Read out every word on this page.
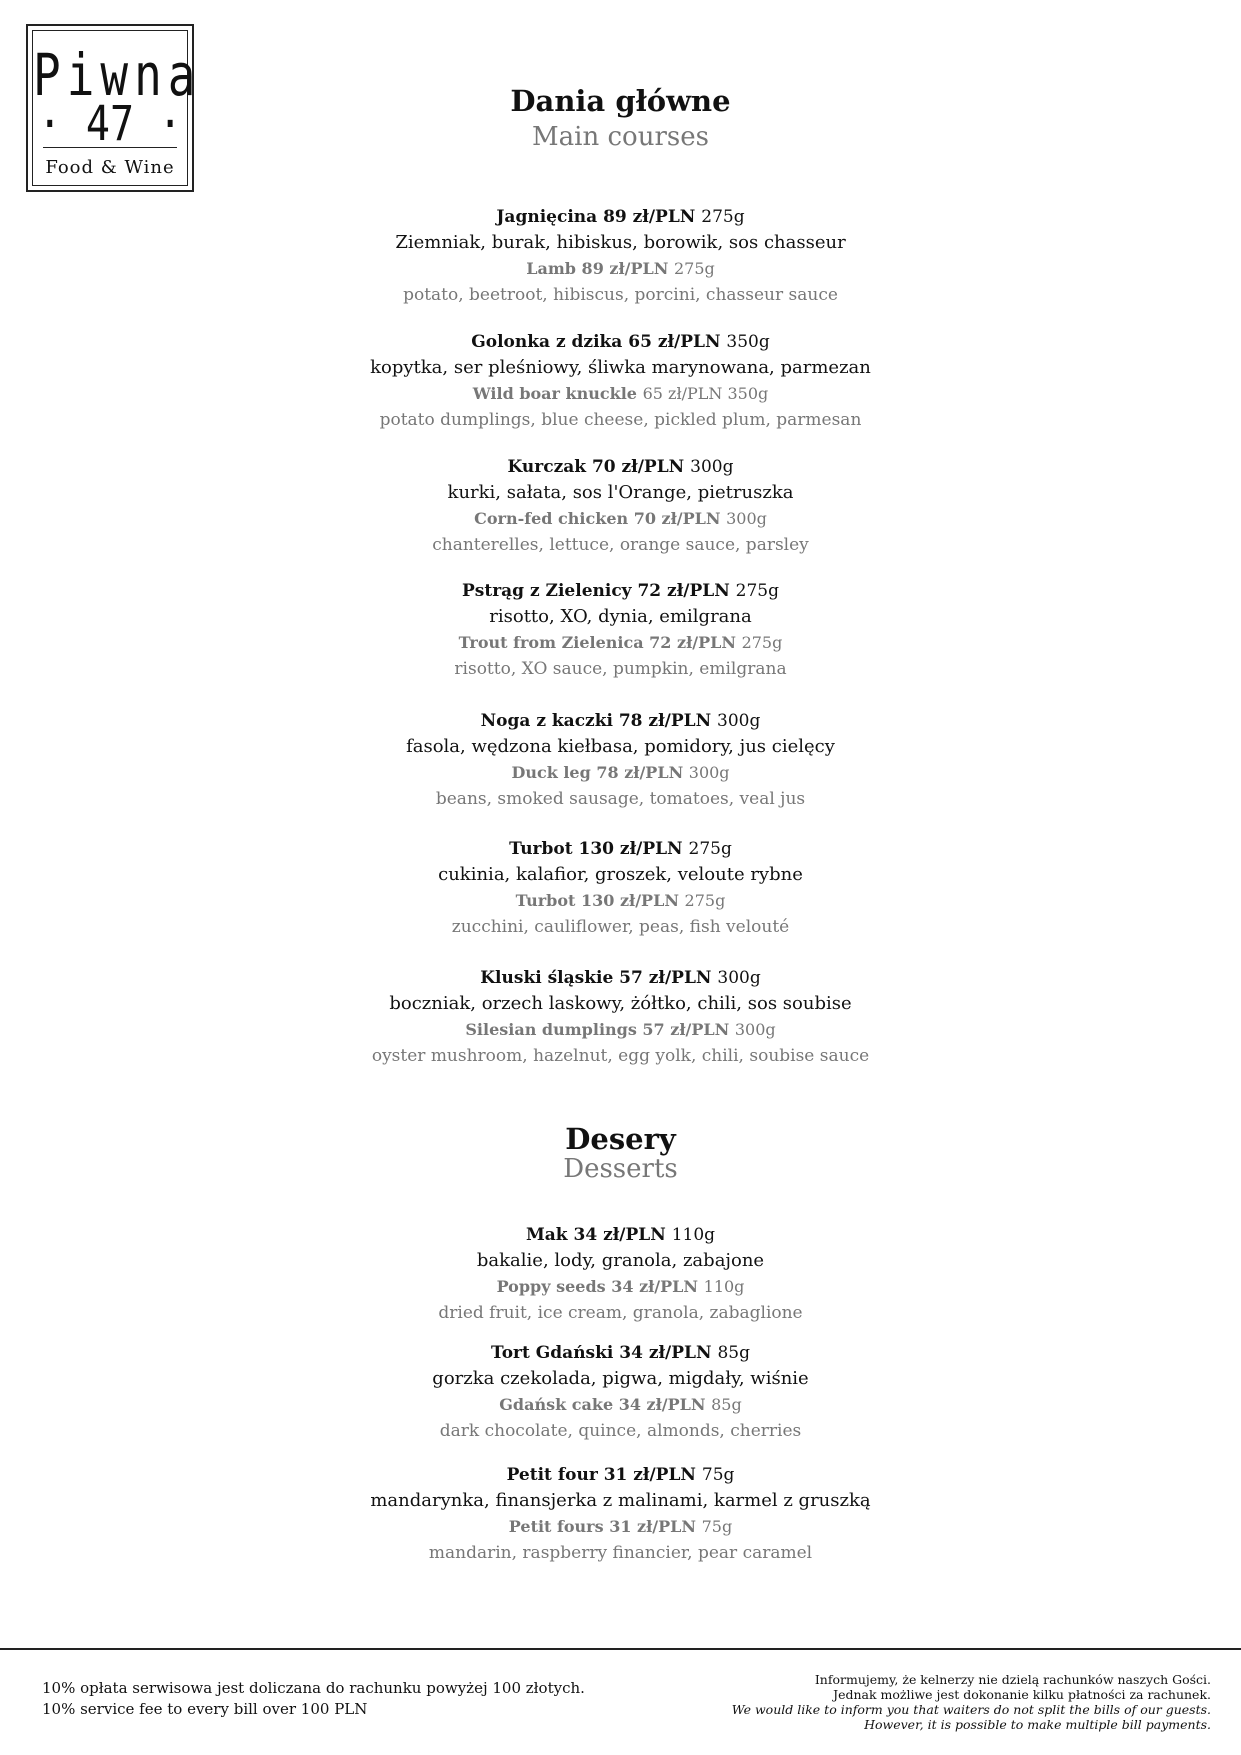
Piwna
· 47 ·
Food & Wine
Dania główne
Main courses
Jagnięcina 89 zł/PLN 275g
Ziemniak, burak, hibiskus, borowik, sos chasseur
Lamb 89 zł/PLN 275g
potato, beetroot, hibiscus, porcini, chasseur sauce
Golonka z dzika 65 zł/PLN 350g
kopytka, ser pleśniowy, śliwka marynowana, parmezan
Wild boar knuckle 65 zł/PLN 350g
potato dumplings, blue cheese, pickled plum, parmesan
Kurczak 70 zł/PLN 300g
kurki, sałata, sos l'Orange, pietruszka
Corn-fed chicken 70 zł/PLN 300g
chanterelles, lettuce, orange sauce, parsley
Pstrąg z Zielenicy 72 zł/PLN 275g
risotto, XO, dynia, emilgrana
Trout from Zielenica 72 zł/PLN 275g
risotto, XO sauce, pumpkin, emilgrana
Noga z kaczki 78 zł/PLN 300g
fasola, wędzona kiełbasa, pomidory, jus cielęcy
Duck leg 78 zł/PLN 300g
beans, smoked sausage, tomatoes, veal jus
Turbot 130 zł/PLN 275g
cukinia, kalafior, groszek, veloute rybne
Turbot 130 zł/PLN 275g
zucchini, cauliflower, peas, fish velouté
Kluski śląskie 57 zł/PLN 300g
boczniak, orzech laskowy, żółtko, chili, sos soubise
Silesian dumplings 57 zł/PLN 300g
oyster mushroom, hazelnut, egg yolk, chili, soubise sauce
Desery
Desserts
Mak 34 zł/PLN 110g
bakalie, lody, granola, zabajone
Poppy seeds 34 zł/PLN 110g
dried fruit, ice cream, granola, zabaglione
Tort Gdański 34 zł/PLN 85g
gorzka czekolada, pigwa, migdały, wiśnie
Gdańsk cake 34 zł/PLN 85g
dark chocolate, quince, almonds, cherries
Petit four 31 zł/PLN 75g
mandarynka, finansjerka z malinami, karmel z gruszką
Petit fours 31 zł/PLN 75g
mandarin, raspberry financier, pear caramel
10% opłata serwisowa jest doliczana do rachunku powyżej 100 złotych.
10% service fee to every bill over 100 PLN
Informujemy, że kelnerzy nie dzielą rachunków naszych Gości.
Jednak możliwe jest dokonanie kilku płatności za rachunek.
We would like to inform you that waiters do not split the bills of our guests.
However, it is possible to make multiple bill payments.
